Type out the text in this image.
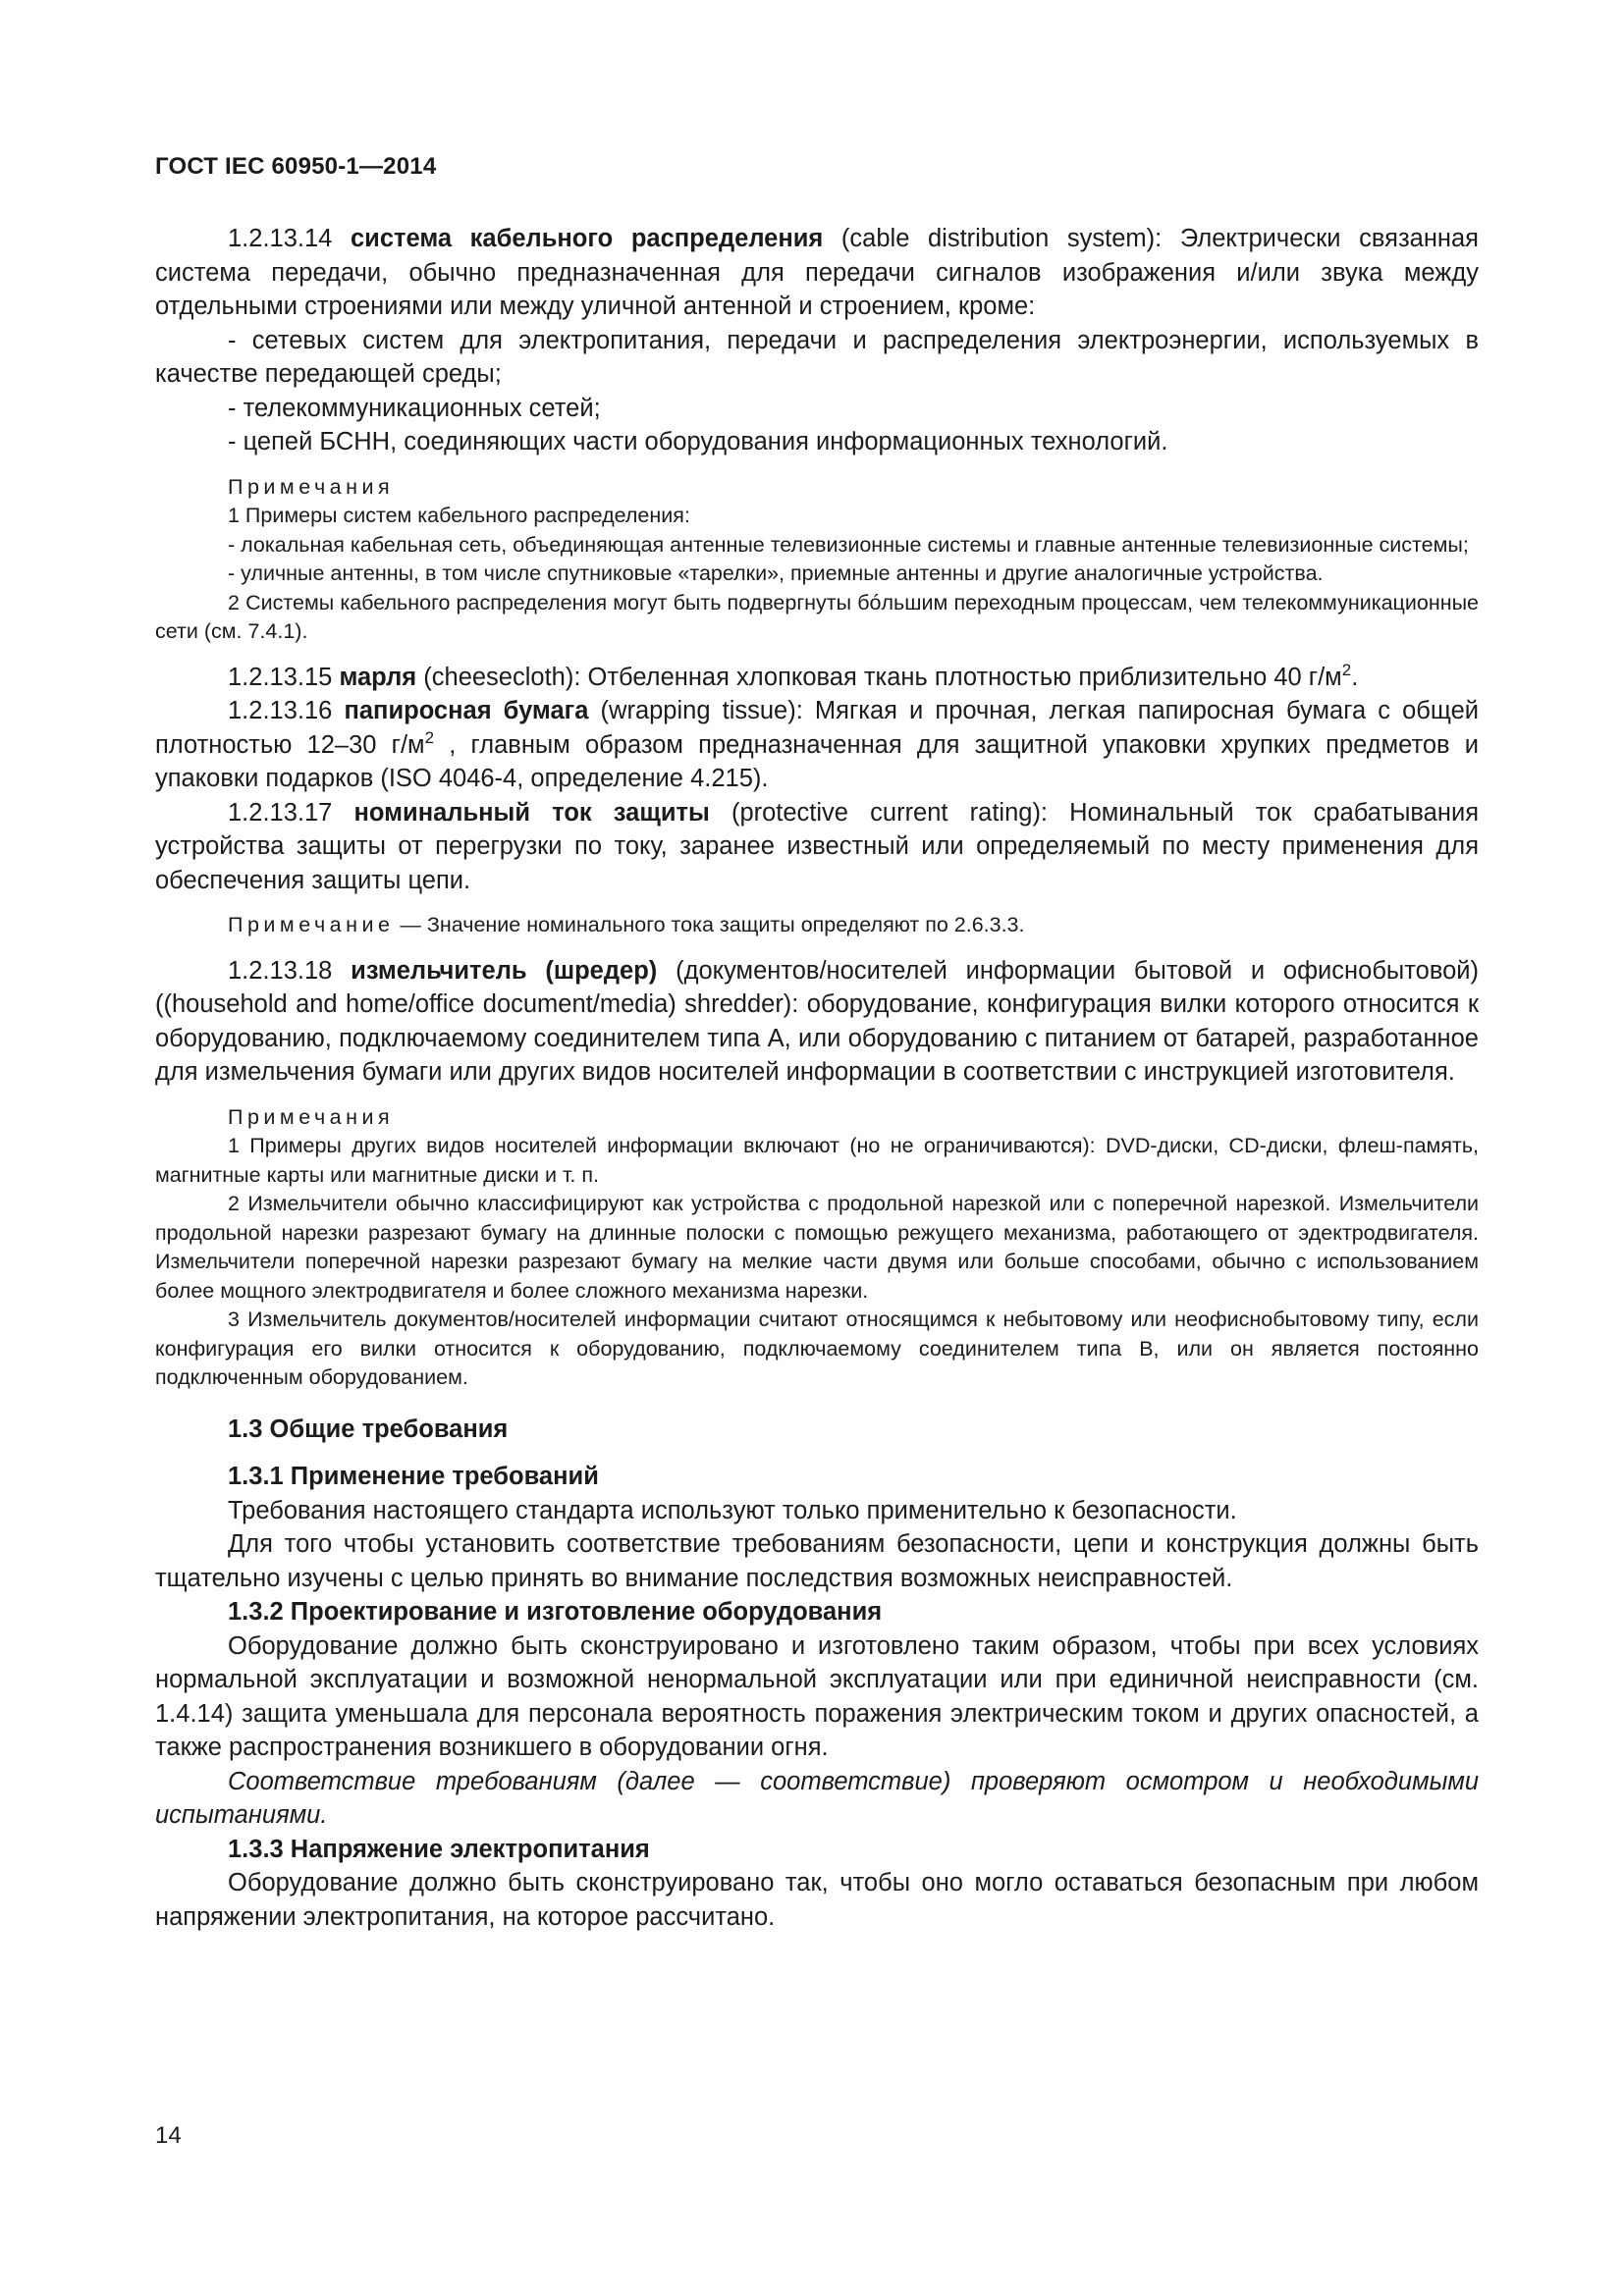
ГОСТ IEC 60950-1—2014

1.2.13.14 система кабельного распределения (cable distribution system): Электрически связанная система передачи, обычно предназначенная для передачи сигналов изображения и/или звука между отдельными строениями или между уличной антенной и строением, кроме:

- сетевых систем для электропитания, передачи и распределения электроэнергии, используемых в качестве передающей среды;

- телекоммуникационных сетей;

- цепей БСНН, соединяющих части оборудования информационных технологий.

Примечания

1 Примеры систем кабельного распределения:

- локальная кабельная сеть, объединяющая антенные телевизионные системы и главные антенные телевизионные системы;

- уличные антенны, в том числе спутниковые «тарелки», приемные антенны и другие аналогичные устройства.

2 Системы кабельного распределения могут быть подвергнуты бóльшим переходным процессам, чем телекоммуникационные сети (см. 7.4.1).

1.2.13.15 марля (cheesecloth): Отбеленная хлопковая ткань плотностью приблизительно 40 $г/м^2$.

1.2.13.16 папиросная бумага (wrapping tissue): Мягкая и прочная, легкая папиросная бумага с общей плотностью 12–30 $г/м^2$ , главным образом предназначенная для защитной упаковки хрупких предметов и упаковки подарков (ISO 4046-4, определение 4.215).

1.2.13.17 номинальный ток защиты (protective current rating): Номинальный ток срабатывания устройства защиты от перегрузки по току, заранее известный или определяемый по месту применения для обеспечения защиты цепи.

Примечание — Значение номинального тока защиты определяют по 2.6.3.3.

1.2.13.18 измельчитель (шредер) (документов/носителей информации бытовой и офиснобытовой) ((household and home/office document/media) shredder): оборудование, конфигурация вилки которого относится к оборудованию, подключаемому соединителем типа А, или оборудованию с питанием от батарей, разработанное для измельчения бумаги или других видов носителей информации в соответствии с инструкцией изготовителя.

Примечания

1 Примеры других видов носителей информации включают (но не ограничиваются): DVD-диски, CD-диски, флеш-память, магнитные карты или магнитные диски и т. п.

2 Измельчители обычно классифицируют как устройства с продольной нарезкой или с поперечной нарезкой. Измельчители продольной нарезки разрезают бумагу на длинные полоски с помощью режущего механизма, работающего от эдектродвигателя. Измельчители поперечной нарезки разрезают бумагу на мелкие части двумя или больше способами, обычно с использованием более мощного электродвигателя и более сложного механизма нарезки.

3 Измельчитель документов/носителей информации считают относящимся к небытовому или неофиснобытовому типу, если конфигурация его вилки относится к оборудованию, подключаемому соединителем типа В, или он является постоянно подключенным оборудованием.

1.3 Общие требования

1.3.1 Применение требований

Требования настоящего стандарта используют только применительно к безопасности.

Для того чтобы установить соответствие требованиям безопасности, цепи и конструкция должны быть тщательно изучены с целью принять во внимание последствия возможных неисправностей.

1.3.2 Проектирование и изготовление оборудования

Оборудование должно быть сконструировано и изготовлено таким образом, чтобы при всех условиях нормальной эксплуатации и возможной ненормальной эксплуатации или при единичной неисправности (см. 1.4.14) защита уменьшала для персонала вероятность поражения электрическим током и других опасностей, а также распространения возникшего в оборудовании огня.

Соответствие требованиям (далее — соответствие) проверяют осмотром и необходимыми испытаниями.

1.3.3 Напряжение электропитания

Оборудование должно быть сконструировано так, чтобы оно могло оставаться безопасным при любом напряжении электропитания, на которое рассчитано.

14
